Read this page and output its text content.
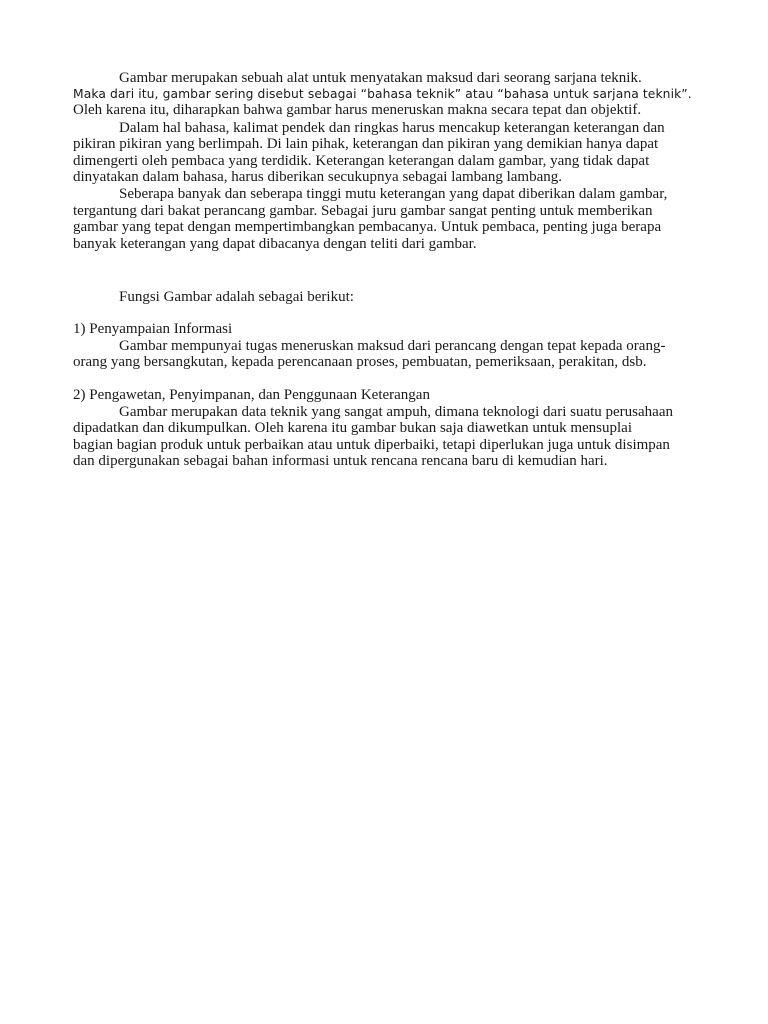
Gambar merupakan sebuah alat untuk menyatakan maksud dari seorang sarjana teknik.
Maka dari itu, gambar sering disebut sebagai “bahasa teknik” atau “bahasa untuk sarjana teknik”.
Oleh karena itu, diharapkan bahwa gambar harus meneruskan makna secara tepat dan objektif.
Dalam hal bahasa, kalimat pendek dan ringkas harus mencakup keterangan keterangan dan
pikiran pikiran yang berlimpah. Di lain pihak, keterangan dan pikiran yang demikian hanya dapat
dimengerti oleh pembaca yang terdidik. Keterangan keterangan dalam gambar, yang tidak dapat
dinyatakan dalam bahasa, harus diberikan secukupnya sebagai lambang lambang.
Seberapa banyak dan seberapa tinggi mutu keterangan yang dapat diberikan dalam gambar,
tergantung dari bakat perancang gambar. Sebagai juru gambar sangat penting untuk memberikan
gambar yang tepat dengan mempertimbangkan pembacanya. Untuk pembaca, penting juga berapa
banyak keterangan yang dapat dibacanya dengan teliti dari gambar.
Fungsi Gambar adalah sebagai berikut:
1) Penyampaian Informasi
Gambar mempunyai tugas meneruskan maksud dari perancang dengan tepat kepada orang-
orang yang bersangkutan, kepada perencanaan proses, pembuatan, pemeriksaan, perakitan, dsb.
2) Pengawetan, Penyimpanan, dan Penggunaan Keterangan
Gambar merupakan data teknik yang sangat ampuh, dimana teknologi dari suatu perusahaan
dipadatkan dan dikumpulkan. Oleh karena itu gambar bukan saja diawetkan untuk mensuplai
bagian bagian produk untuk perbaikan atau untuk diperbaiki, tetapi diperlukan juga untuk disimpan
dan dipergunakan sebagai bahan informasi untuk rencana rencana baru di kemudian hari.
